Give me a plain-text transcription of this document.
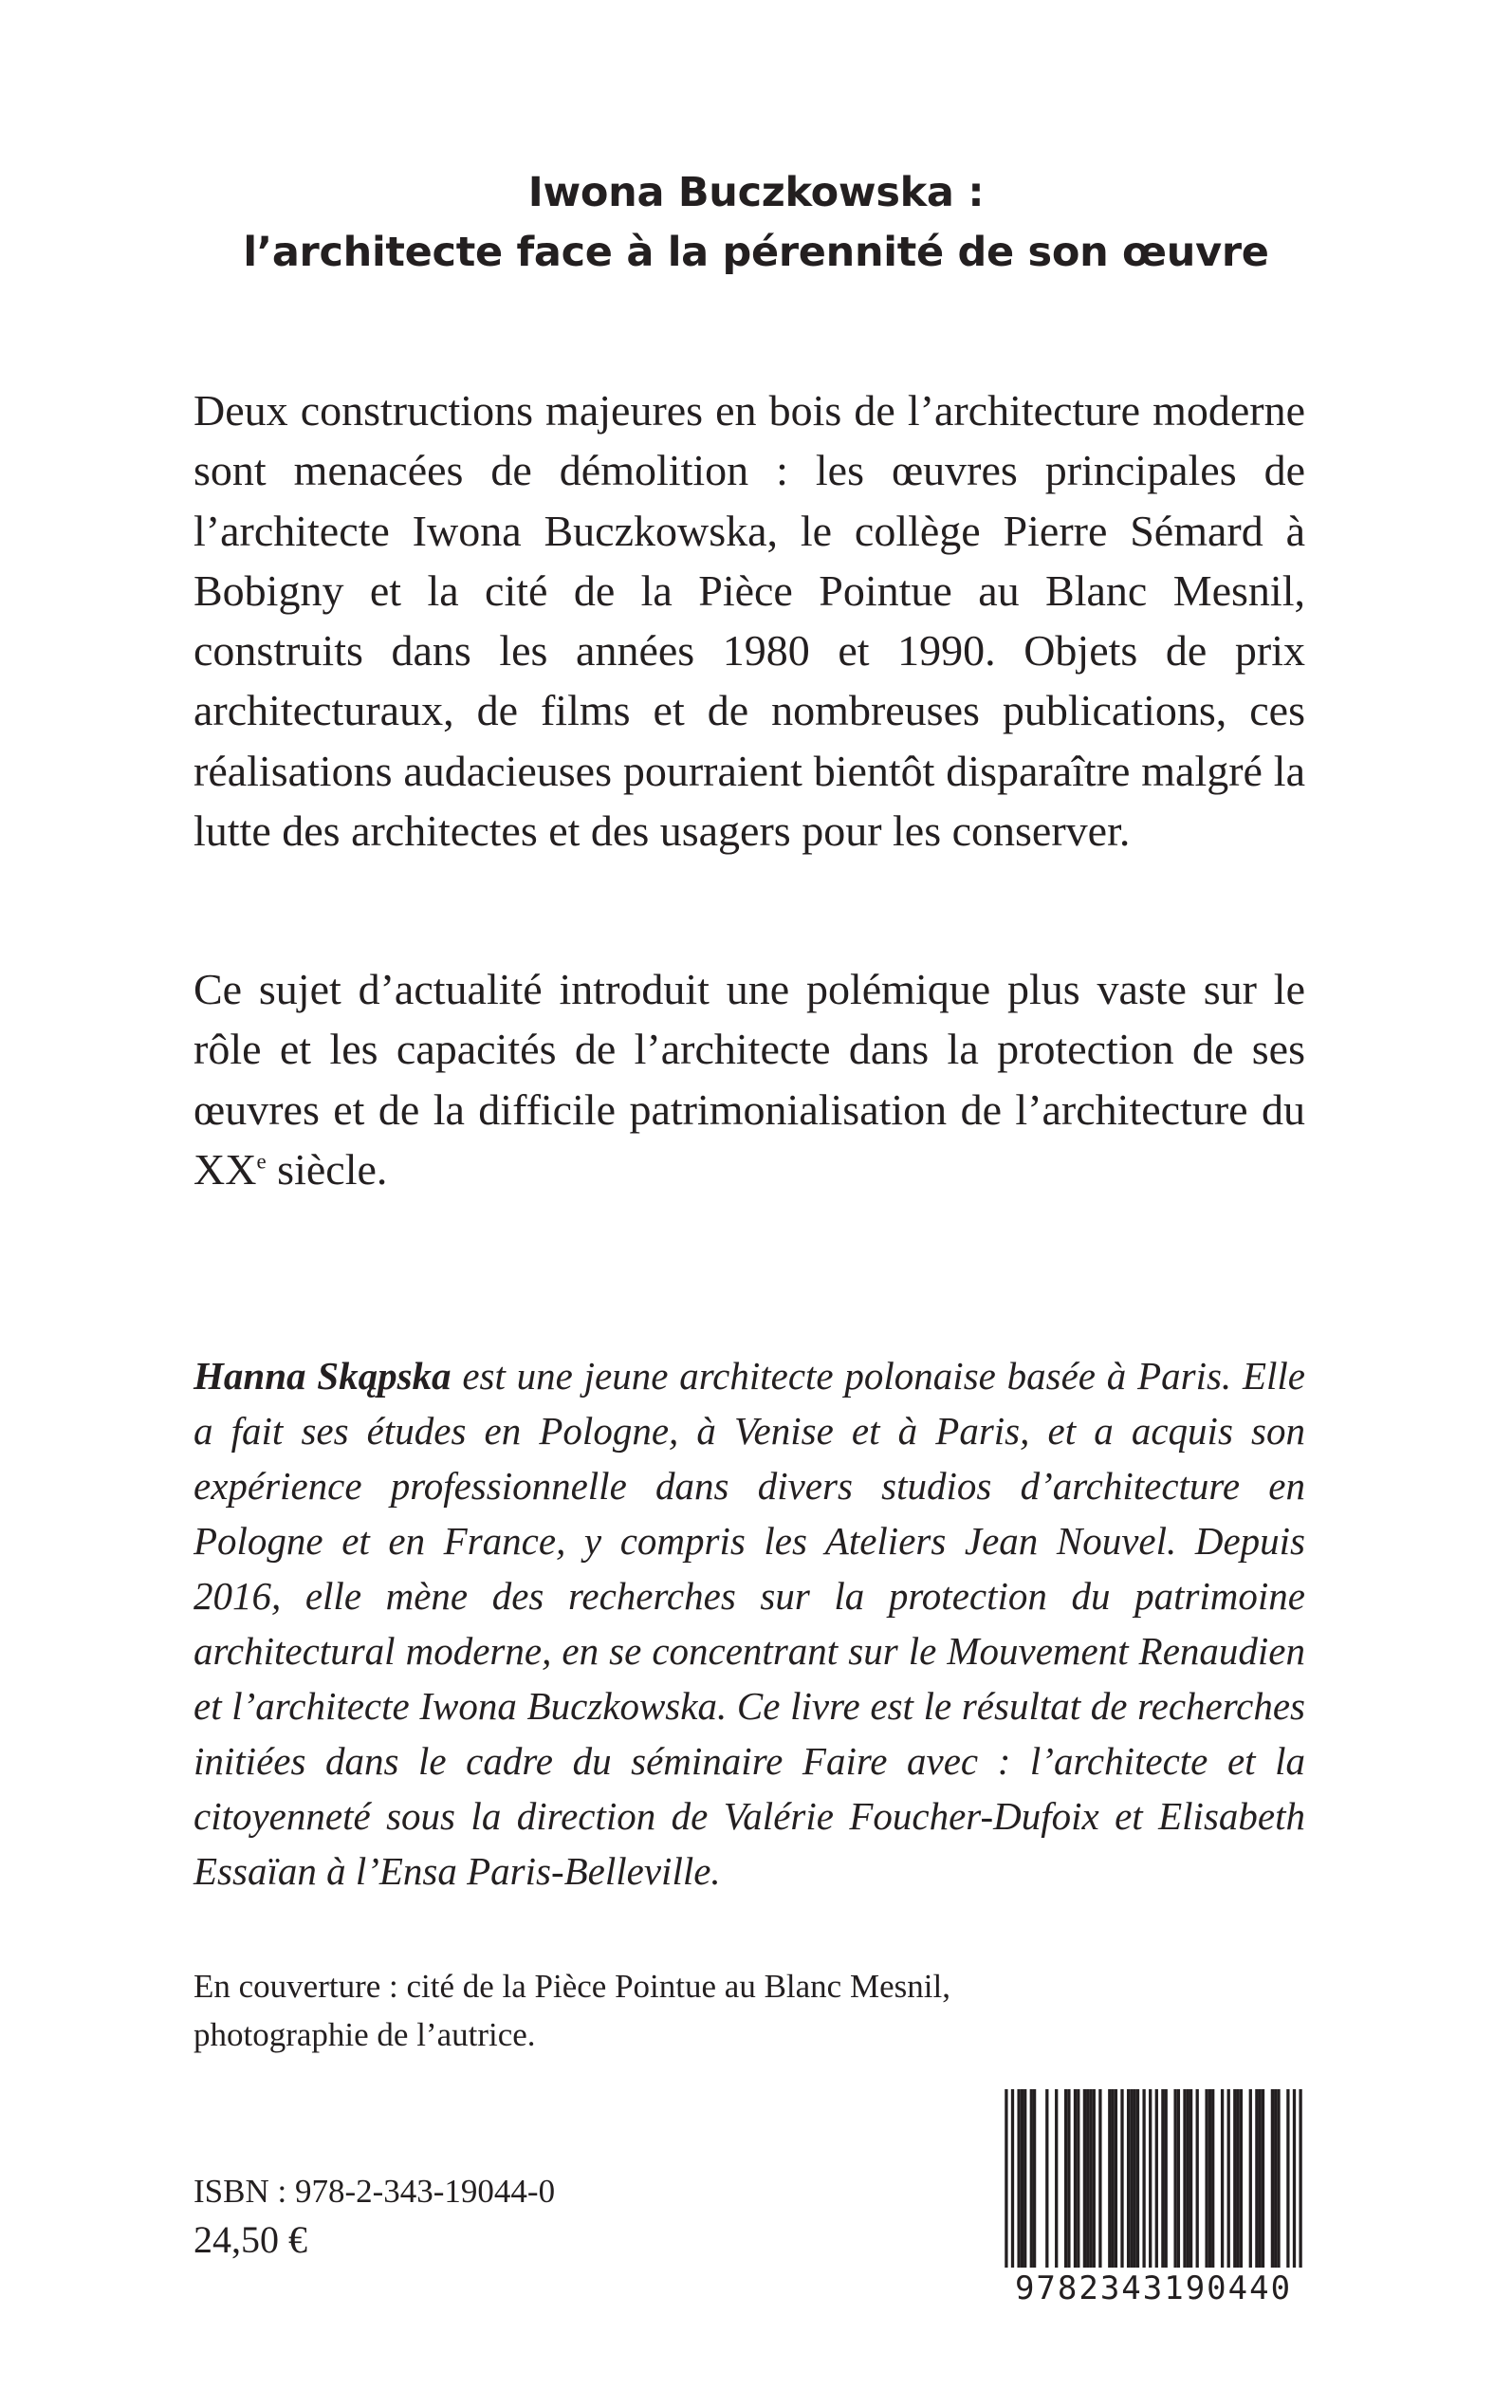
Iwona Buczkowska :
l’architecte face à la pérennité de son œuvre
Deux constructions majeures en bois de l’architecture moderne sont menacées de démolition : les œuvres principales de l’architecte Iwona Buczkowska, le collège Pierre Sémard à Bobigny et la cité de la Pièce Pointue au Blanc Mesnil, construits dans les années 1980 et 1990. Objets de prix architecturaux, de films et de nombreuses publications, ces réalisations audacieuses pourraient bientôt disparaître malgré la lutte des architectes et des usagers pour les conserver.
Ce sujet d’actualité introduit une polémique plus vaste sur le rôle et les capacités de l’architecte dans la protection de ses œuvres et de la difficile patrimonialisation de l’architecture du XXe siècle.
Hanna Skąpska est une jeune architecte polonaise basée à Paris. Elle a fait ses études en Pologne, à Venise et à Paris, et a acquis son expérience professionnelle dans divers studios d’architecture en Pologne et en France, y compris les Ateliers Jean Nouvel. Depuis 2016, elle mène des recherches sur la protection du patrimoine architectural moderne, en se concentrant sur le Mouvement Renaudien et l’architecte Iwona Buczkowska. Ce livre est le résultat de recherches initiées dans le cadre du séminaire Faire avec : l’architecte et la citoyenneté sous la direction de Valérie Foucher-Dufoix et Elisabeth Essaïan à l’Ensa Paris-Belleville.
En couverture : cité de la Pièce Pointue au Blanc Mesnil,
photographie de l’autrice.
ISBN : 978-2-343-19044-0
24,50 €
9782343190440
